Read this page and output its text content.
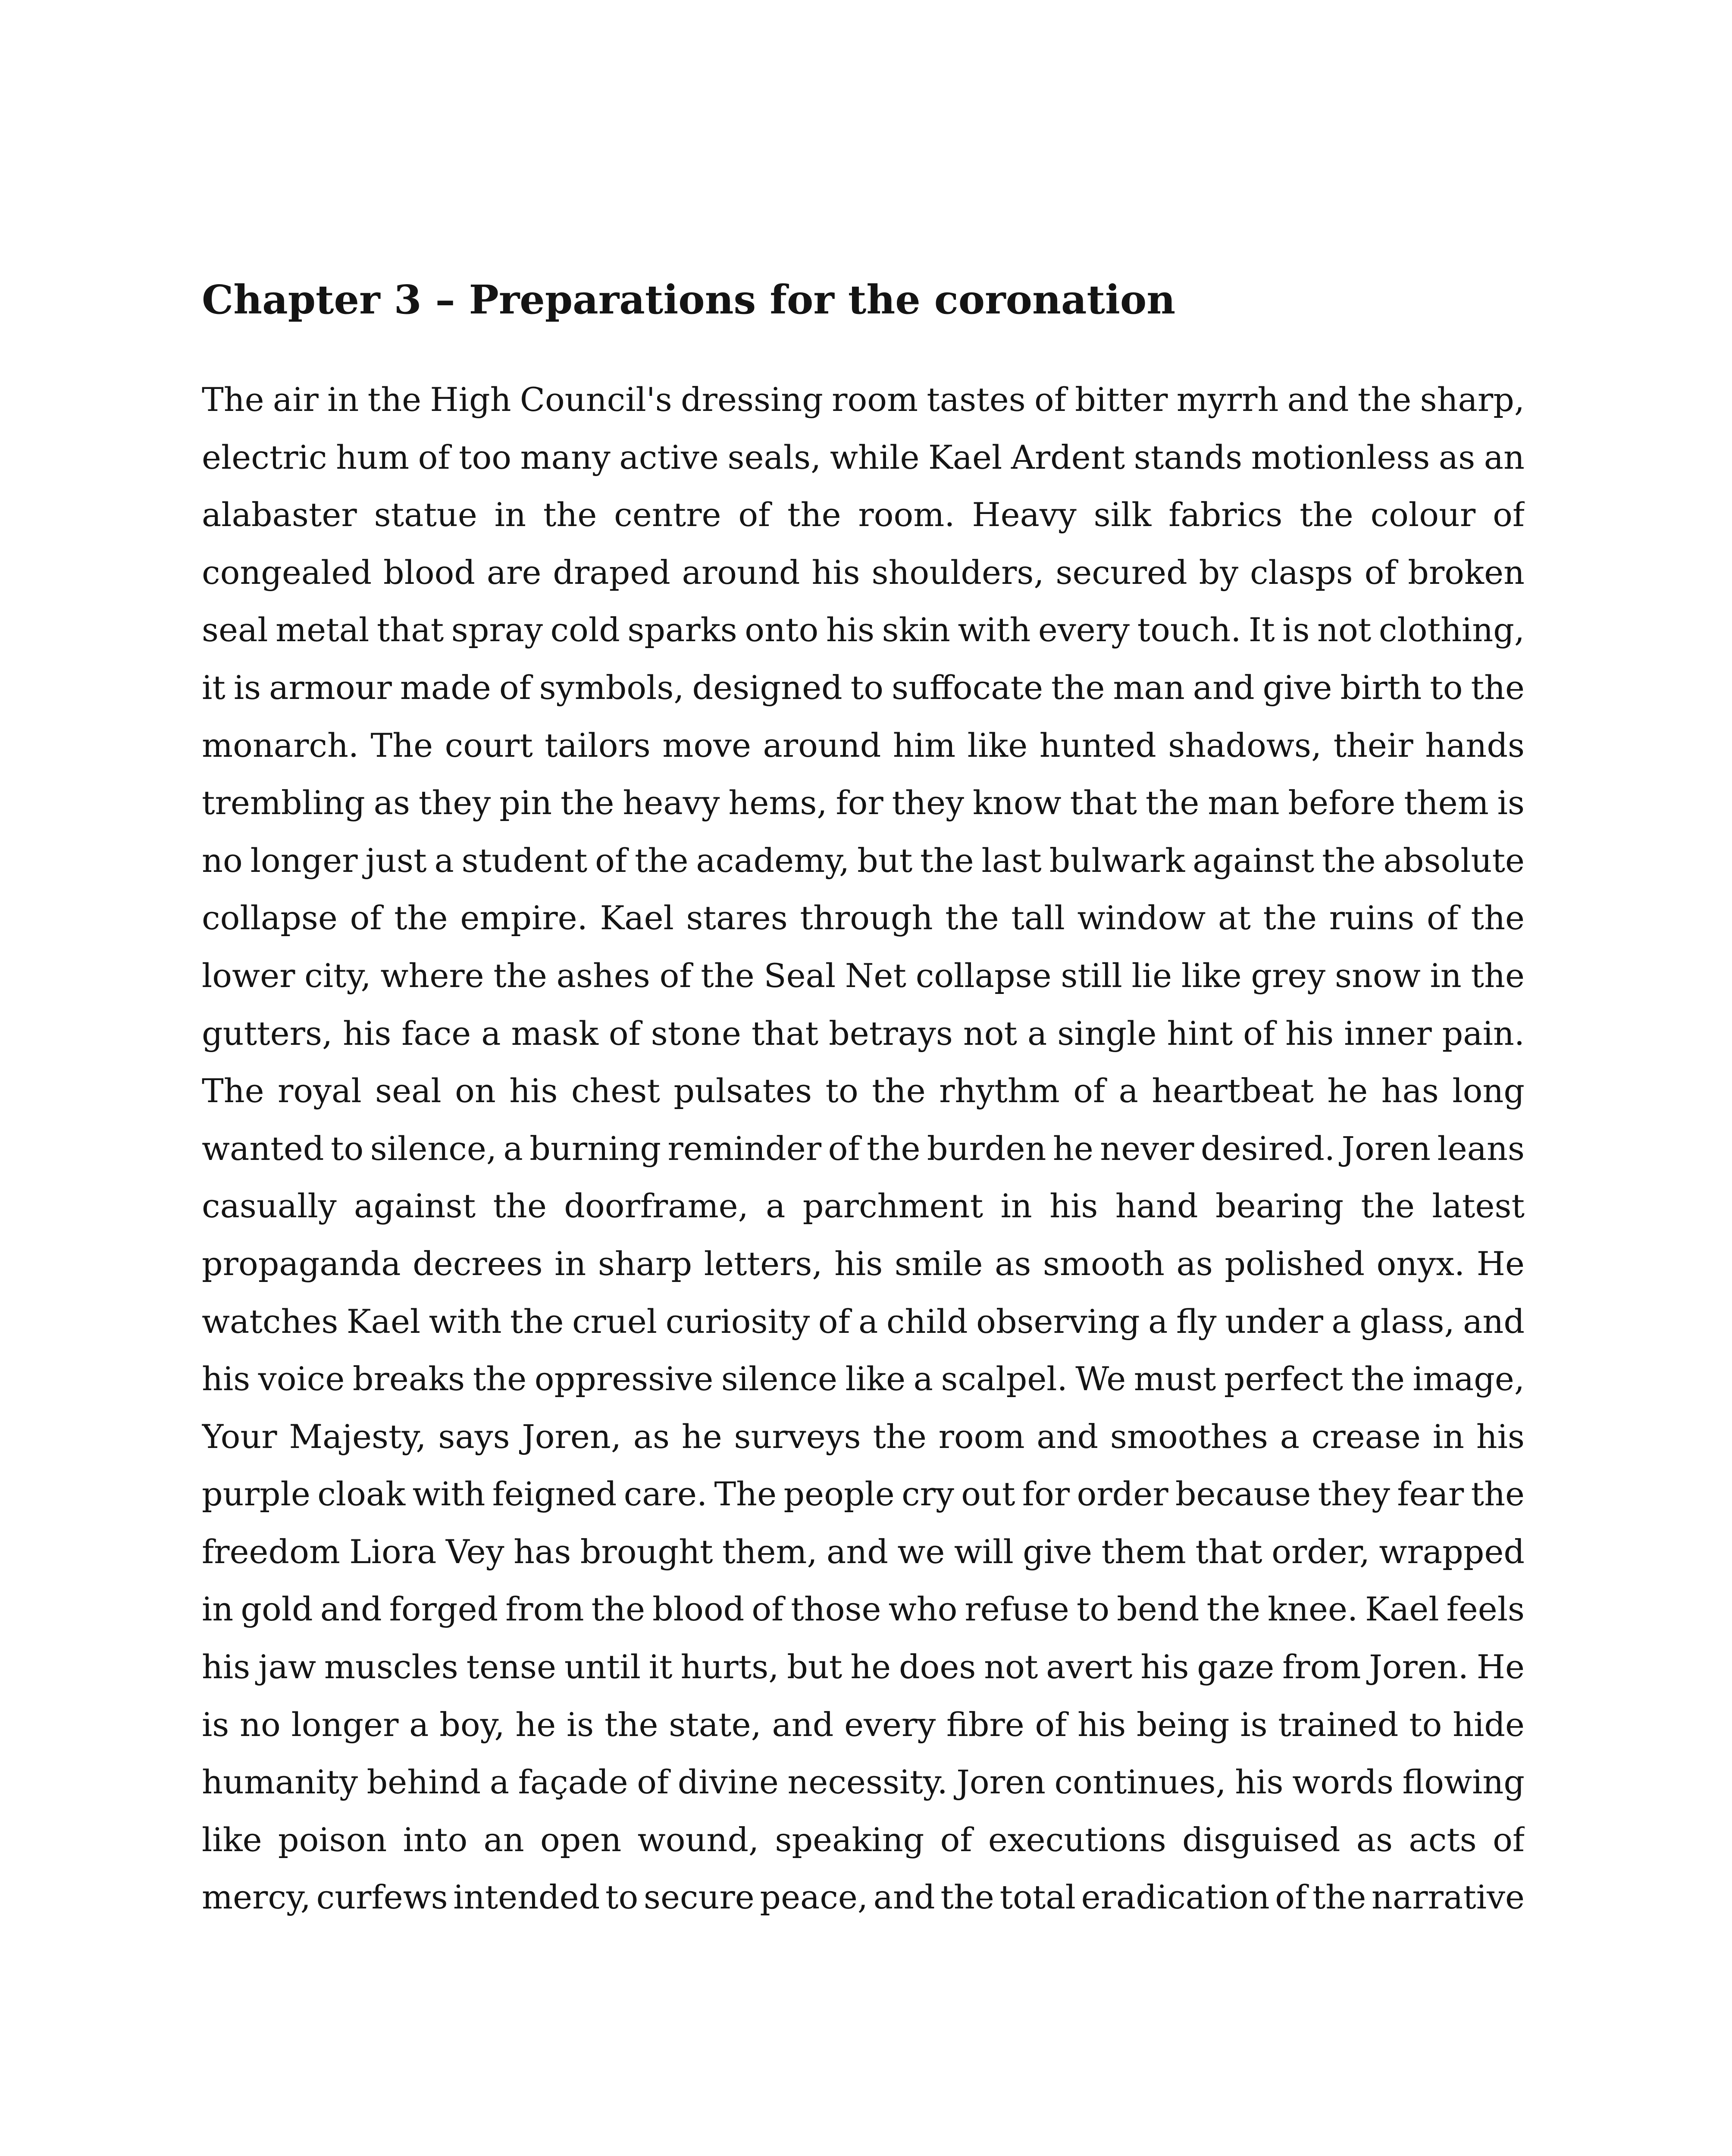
Chapter 3 – Preparations for the coronation
The air in the High Council's dressing room tastes of bitter myrrh and the sharp,
electric hum of too many active seals, while Kael Ardent stands motionless as an
alabaster statue in the centre of the room. Heavy silk fabrics the colour of
congealed blood are draped around his shoulders, secured by clasps of broken
seal metal that spray cold sparks onto his skin with every touch. It is not clothing,
it is armour made of symbols, designed to suffocate the man and give birth to the
monarch. The court tailors move around him like hunted shadows, their hands
trembling as they pin the heavy hems, for they know that the man before them is
no longer just a student of the academy, but the last bulwark against the absolute
collapse of the empire. Kael stares through the tall window at the ruins of the
lower city, where the ashes of the Seal Net collapse still lie like grey snow in the
gutters, his face a mask of stone that betrays not a single hint of his inner pain.
The royal seal on his chest pulsates to the rhythm of a heartbeat he has long
wanted to silence, a burning reminder of the burden he never desired. Joren leans
casually against the doorframe, a parchment in his hand bearing the latest
propaganda decrees in sharp letters, his smile as smooth as polished onyx. He
watches Kael with the cruel curiosity of a child observing a fly under a glass, and
his voice breaks the oppressive silence like a scalpel. We must perfect the image,
Your Majesty, says Joren, as he surveys the room and smoothes a crease in his
purple cloak with feigned care. The people cry out for order because they fear the
freedom Liora Vey has brought them, and we will give them that order, wrapped
in gold and forged from the blood of those who refuse to bend the knee. Kael feels
his jaw muscles tense until it hurts, but he does not avert his gaze from Joren. He
is no longer a boy, he is the state, and every fibre of his being is trained to hide
humanity behind a façade of divine necessity. Joren continues, his words flowing
like poison into an open wound, speaking of executions disguised as acts of
mercy, curfews intended to secure peace, and the total eradication of the narrative
